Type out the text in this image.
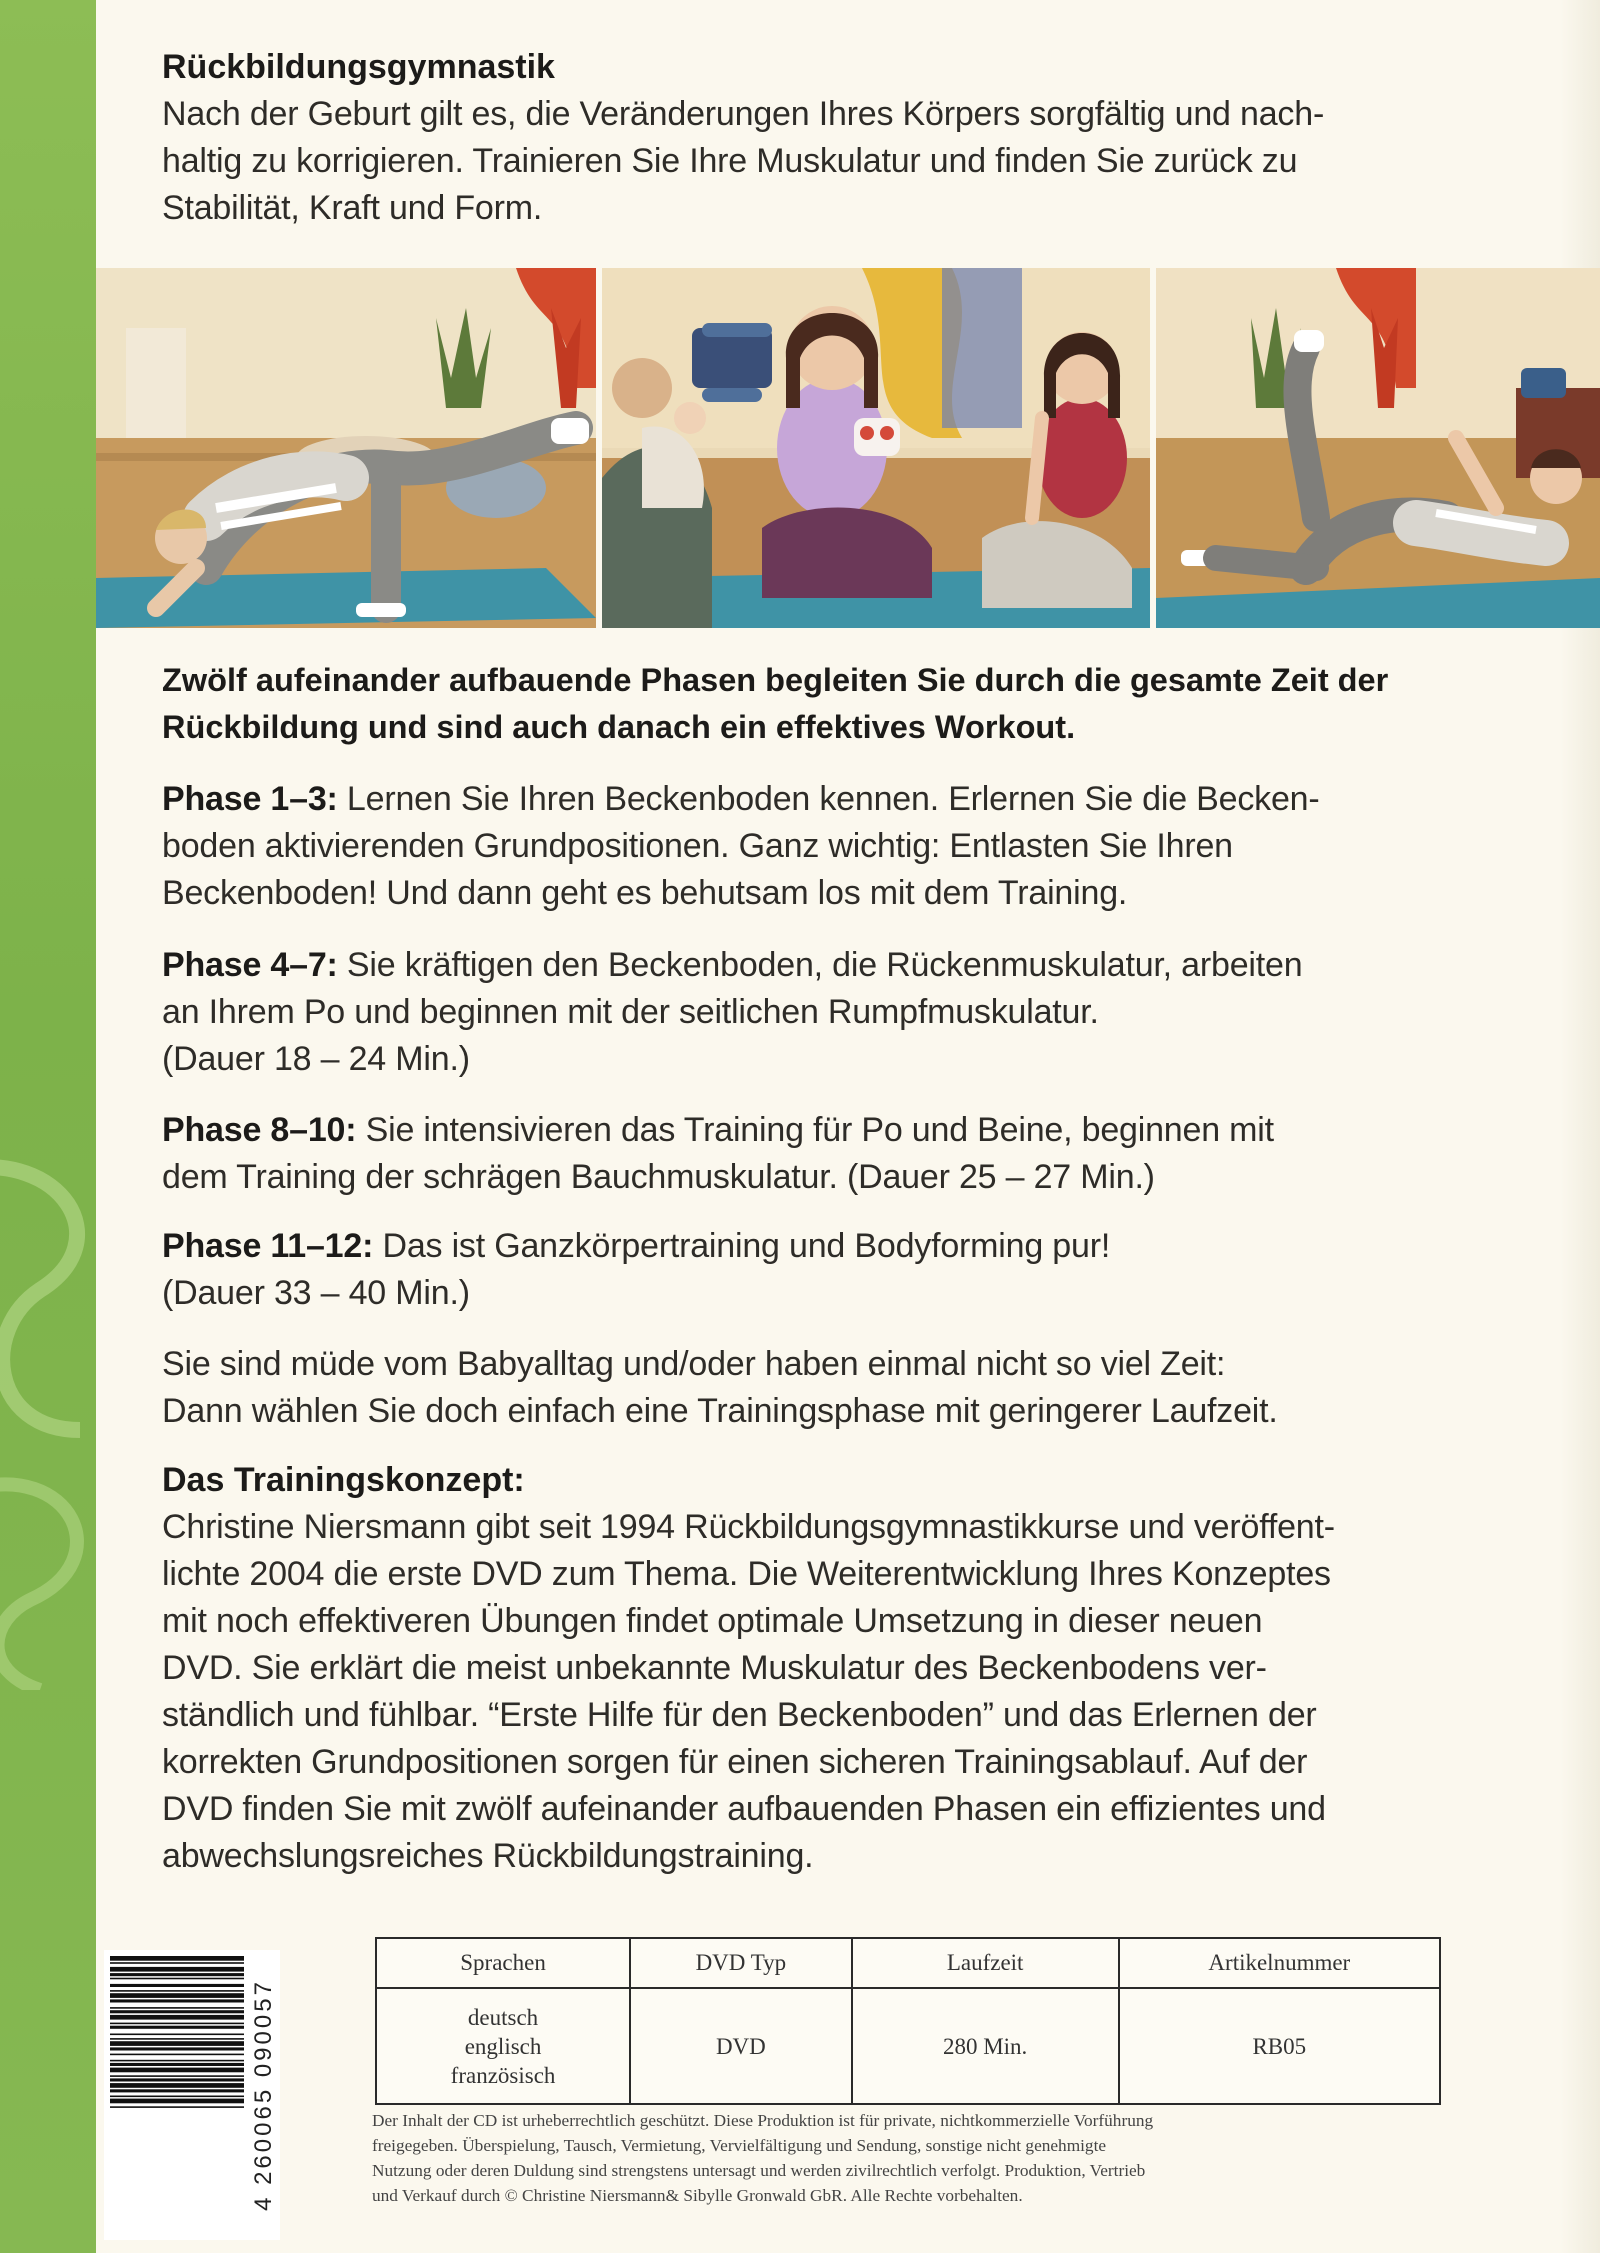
Rückbildungsgymnastik

Nach der Geburt gilt es, die Veränderungen Ihres Körpers sorgfältig und nach-

haltig zu korrigieren. Trainieren Sie Ihre Muskulatur und finden Sie zurück zu

Stabilität, Kraft und Form.

Zwölf aufeinander aufbauende Phasen begleiten Sie durch die gesamte Zeit der

Rückbildung und sind auch danach ein effektives Workout.

Phase 1–3: Lernen Sie Ihren Beckenboden kennen. Erlernen Sie die Becken-

boden aktivierenden Grundpositionen. Ganz wichtig: Entlasten Sie Ihren

Beckenboden! Und dann geht es behutsam los mit dem Training.

Phase 4–7: Sie kräftigen den Beckenboden, die Rückenmuskulatur, arbeiten

an Ihrem Po und beginnen mit der seitlichen Rumpfmuskulatur.

(Dauer 18 – 24 Min.)

Phase 8–10: Sie intensivieren das Training für Po und Beine, beginnen mit

dem Training der schrägen Bauchmuskulatur. (Dauer 25 – 27 Min.)

Phase 11–12: Das ist Ganzkörpertraining und Bodyforming pur!

(Dauer 33 – 40 Min.)

Sie sind müde vom Babyalltag und/oder haben einmal nicht so viel Zeit:

Dann wählen Sie doch einfach eine Trainingsphase mit geringerer Laufzeit.

Das Trainingskonzept:

Christine Niersmann gibt seit 1994 Rückbildungsgymnastikkurse und veröffent-

lichte 2004 die erste DVD zum Thema. Die Weiterentwicklung Ihres Konzeptes

mit noch effektiveren Übungen findet optimale Umsetzung in dieser neuen

DVD. Sie erklärt die meist unbekannte Muskulatur des Beckenbodens ver-

ständlich und fühlbar. “Erste Hilfe für den Beckenboden” und das Erlernen der

korrekten Grundpositionen sorgen für einen sicheren Trainingsablauf. Auf der

DVD finden Sie mit zwölf aufeinander aufbauenden Phasen ein effizientes und

abwechslungsreiches Rückbildungstraining.

4 260065 090057
Sprachen	DVD Typ	Laufzeit	Artikelnummer

deutsch
englisch
französisch	DVD	280 Min.	RB05
Der Inhalt der CD ist urheberrechtlich geschützt. Diese Produktion ist für private, nichtkommerzielle Vorführung
freigegeben. Überspielung, Tausch, Vermietung, Vervielfältigung und Sendung, sonstige nicht genehmigte
Nutzung oder deren Duldung sind strengstens untersagt und werden zivilrechtlich verfolgt. Produktion, Vertrieb
und Verkauf durch © Christine Niersmann& Sibylle Gronwald GbR. Alle Rechte vorbehalten.
